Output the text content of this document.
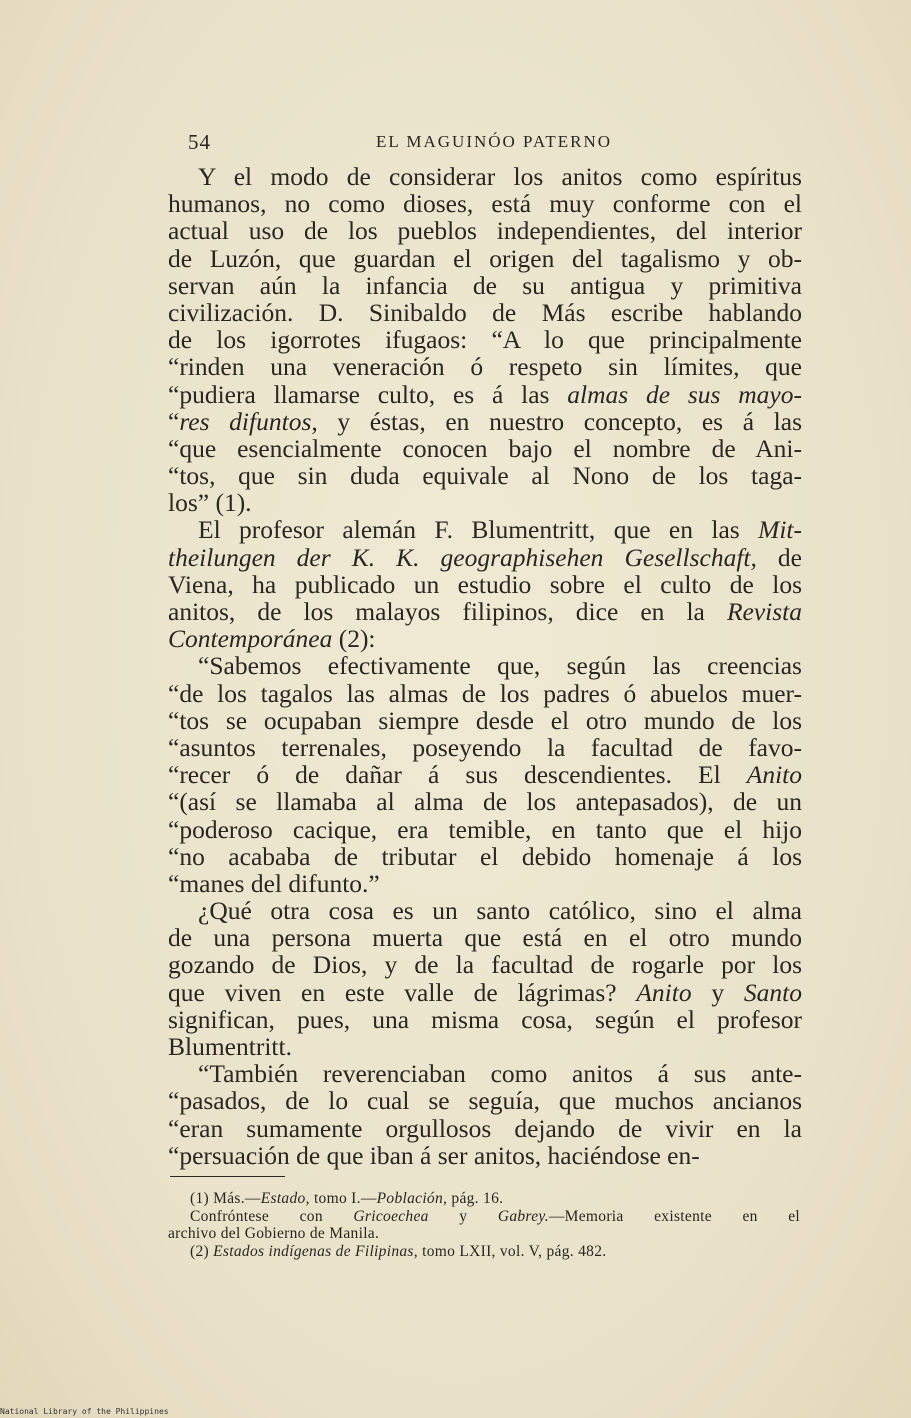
54	EL MAGUINÓO PATERNO
Y el modo de considerar los anitos como espíritus
humanos, no como dioses, está muy conforme con el
actual uso de los pueblos independientes, del interior
de Luzón, que guardan el origen del tagalismo y ob-
servan aún la infancia de su antigua y primitiva
civilización. D. Sinibaldo de Más escribe hablando
de los igorrotes ifugaos: “A lo que principalmente
“rinden una veneración ó respeto sin límites, que
“pudiera llamarse culto, es á las almas de sus mayo-
“res difuntos, y éstas, en nuestro concepto, es á las
“que esencialmente conocen bajo el nombre de Ani-
“tos, que sin duda equivale al Nono de los taga-
los” (1).
El profesor alemán F. Blumentritt, que en las Mit-
theilungen der K. K. geographisehen Gesellschaft, de
Viena, ha publicado un estudio sobre el culto de los
anitos, de los malayos filipinos, dice en la Revista
Contemporánea (2):
“Sabemos efectivamente que, según las creencias
“de los tagalos las almas de los padres ó abuelos muer-
“tos se ocupaban siempre desde el otro mundo de los
“asuntos terrenales, poseyendo la facultad de favo-
“recer ó de dañar á sus descendientes. El Anito
“(así se llamaba al alma de los antepasados), de un
“poderoso cacique, era temible, en tanto que el hijo
“no acababa de tributar el debido homenaje á los
“manes del difunto.”
¿Qué otra cosa es un santo católico, sino el alma
de una persona muerta que está en el otro mundo
gozando de Dios, y de la facultad de rogarle por los
que viven en este valle de lágrimas? Anito y Santo
significan, pues, una misma cosa, según el profesor
Blumentritt.
“También reverenciaban como anitos á sus ante-
“pasados, de lo cual se seguía, que muchos ancianos
“eran sumamente orgullosos dejando de vivir en la
“persuación de que iban á ser anitos, haciéndose en-
(1) Más.—Estado, tomo I.—Población, pág. 16.
Confróntese con Gricoechea y Gabrey.—Memoria existente en el
archivo del Gobierno de Manila.
(2) Estados indígenas de Filipinas, tomo LXII, vol. V, pág. 482.
National Library of the Philippines
